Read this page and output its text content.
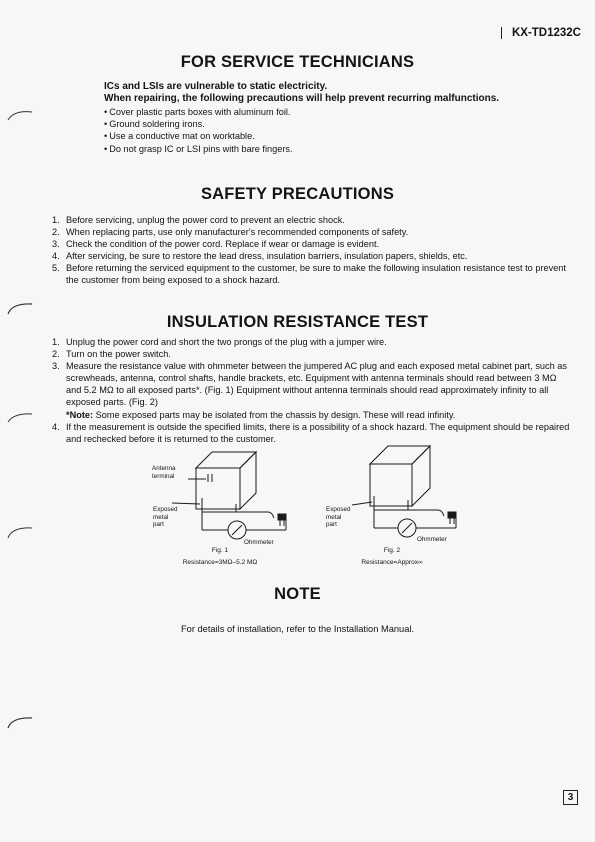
KX-TD1232C
FOR SERVICE TECHNICIANS
ICs and LSIs are vulnerable to static electricity.
When repairing, the following precautions will help prevent recurring malfunctions.
• Cover plastic parts boxes with aluminum foil.
• Ground soldering irons.
• Use a conductive mat on worktable.
• Do not grasp IC or LSI pins with bare fingers.
SAFETY PRECAUTIONS
1. Before servicing, unplug the power cord to prevent an electric shock.
2. When replacing parts, use only manufacturer's recommended components of safety.
3. Check the condition of the power cord. Replace if wear or damage is evident.
4. After servicing, be sure to restore the lead dress, insulation barriers, insulation papers, shields, etc.
5. Before returning the serviced equipment to the customer, be sure to make the following insulation resistance test to prevent the customer from being exposed to a shock hazard.
INSULATION RESISTANCE TEST
1. Unplug the power cord and short the two prongs of the plug with a jumper wire.
2. Turn on the power switch.
3. Measure the resistance value with ohmmeter between the jumpered AC plug and each exposed metal cabinet part, such as screwheads, antenna, control shafts, handle brackets, etc. Equipment with antenna terminals should read between 3 MΩ and 5.2 MΩ to all exposed parts*. (Fig. 1) Equipment without antenna terminals should read approximately infinity to all exposed parts. (Fig. 2)
*Note: Some exposed parts may be isolated from the chassis by design. These will read infinity.
4. If the measurement is outside the specified limits, there is a possibility of a shock hazard. The equipment should be repaired and rechecked before it is returned to the customer.
Antenna
terminal
Exposed
metal
part
Ohmmeter
Fig. 1
Resistance=3MΩ–5.2 MΩ
Exposed
metal
part
Ohmmeter
Fig. 2
Resistance=Approx∞
NOTE
For details of installation, refer to the Installation Manual.
3
